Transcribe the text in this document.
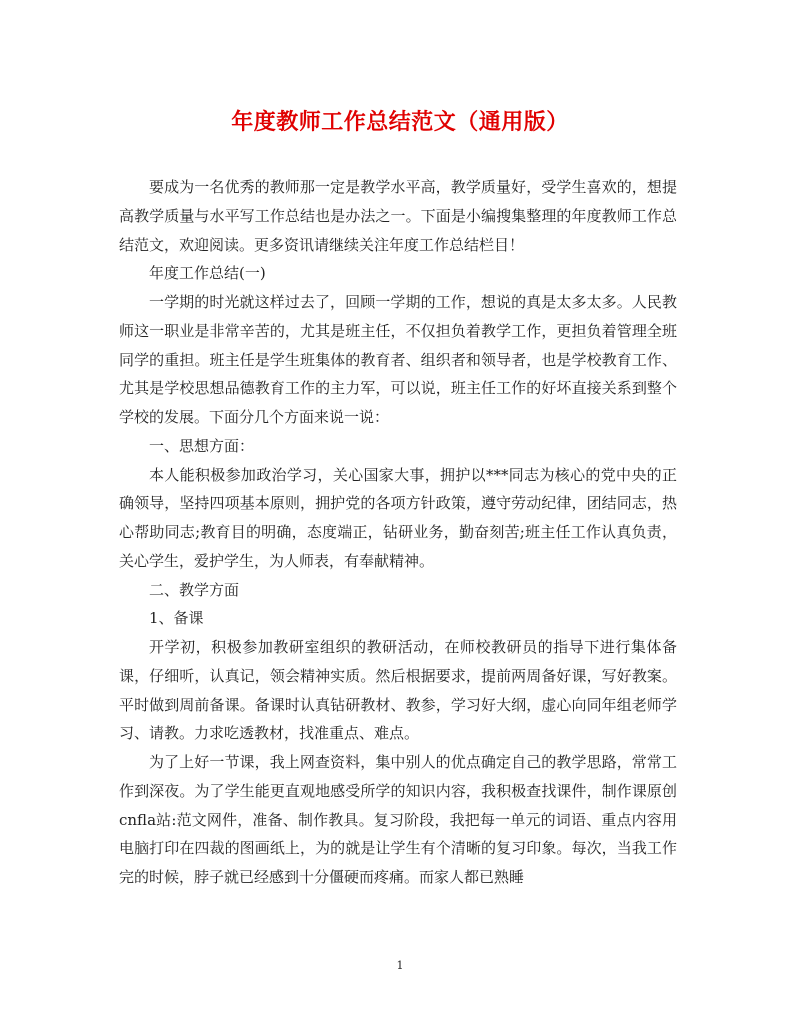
年度教师工作总结范文（通用版）

要成为一名优秀的教师那一定是教学水平高，教学质量好，受学生喜欢的，想提高教学质量与水平写工作总结也是办法之一。下面是小编搜集整理的年度教师工作总结范文，欢迎阅读。更多资讯请继续关注年度工作总结栏目！

年度工作总结(一)

一学期的时光就这样过去了，回顾一学期的工作，想说的真是太多太多。人民教师这一职业是非常辛苦的，尤其是班主任，不仅担负着教学工作，更担负着管理全班同学的重担。班主任是学生班集体的教育者、组织者和领导者，也是学校教育工作、尤其是学校思想品德教育工作的主力军，可以说，班主任工作的好坏直接关系到整个学校的发展。下面分几个方面来说一说：

一、思想方面：

本人能积极参加政治学习，关心国家大事，拥护以***同志为核心的党中央的正确领导，坚持四项基本原则，拥护党的各项方针政策，遵守劳动纪律，团结同志，热心帮助同志;教育目的明确，态度端正，钻研业务，勤奋刻苦;班主任工作认真负责，关心学生，爱护学生，为人师表，有奉献精神。

二、教学方面

1、备课

开学初，积极参加教研室组织的教研活动，在师校教研员的指导下进行集体备课，仔细听，认真记，领会精神实质。然后根据要求，提前两周备好课，写好教案。平时做到周前备课。备课时认真钻研教材、教参，学习好大纲，虚心向同年组老师学习、请教。力求吃透教材，找准重点、难点。

为了上好一节课，我上网查资料，集中别人的优点确定自己的教学思路，常常工作到深夜。为了学生能更直观地感受所学的知识内容，我积极查找课件，制作课原创cnfla站:范文网件，准备、制作教具。复习阶段，我把每一单元的词语、重点内容用电脑打印在四裁的图画纸上，为的就是让学生有个清晰的复习印象。每次，当我工作完的时候，脖子就已经感到十分僵硬而疼痛。而家人都已熟睡

1
